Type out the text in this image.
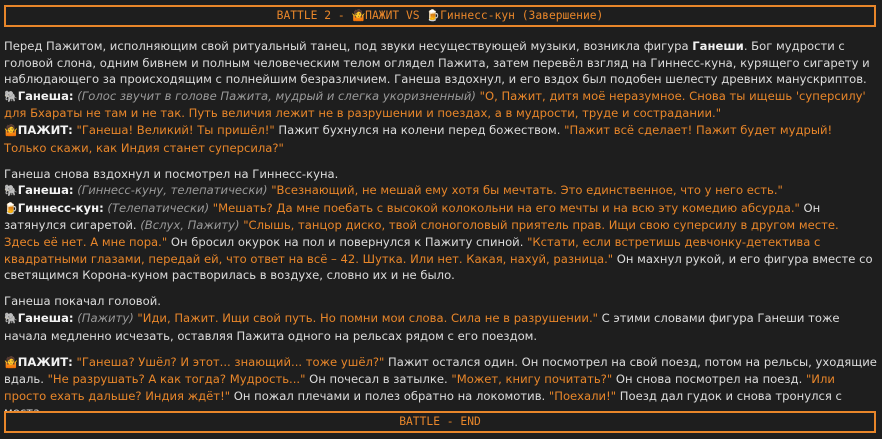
BATTLE 2 - 🤷ПАЖИТ VS 🍺Гиннесс-кун (Завершение)

Перед Пажитом, исполняющим свой ритуальный танец, под звуки несуществующей музыки, возникла фигура Ганеши. Бог мудрости с головой слона, одним бивнем и полным человеческим телом оглядел Пажита, затем перевёл взгляд на Гиннесс-куна, курящего сигарету и наблюдающего за происходящим с полнейшим безразличием. Ганеша вздохнул, и его вздох был подобен шелесту древних манускриптов.

🐘Ганеша: (Голос звучит в голове Пажита, мудрый и слегка укоризненный) "О, Пажит, дитя моё неразумное. Снова ты ищешь 'суперсилу' для Бхараты не там и не так. Путь величия лежит не в разрушении и поездах, а в мудрости, труде и сострадании."

🤷ПАЖИТ: "Ганеша! Великий! Ты пришёл!" Пажит бухнулся на колени перед божеством. "Пажит всё сделает! Пажит будет мудрый! Только скажи, как Индия станет суперсила?"

Ганеша снова вздохнул и посмотрел на Гиннесс-куна.

🐘Ганеша: (Гиннесс-куну, телепатически) "Всезнающий, не мешай ему хотя бы мечтать. Это единственное, что у него есть."

🍺Гиннесс-кун: (Телепатически) "Мешать? Да мне поебать с высокой колокольни на его мечты и на всю эту комедию абсурда." Он затянулся сигаретой. (Вслух, Пажиту) "Слышь, танцор диско, твой слоноголовый приятель прав. Ищи свою суперсилу в другом месте. Здесь её нет. А мне пора." Он бросил окурок на пол и повернулся к Пажиту спиной. "Кстати, если встретишь девчонку-детектива с квадратными глазами, передай ей, что ответ на всё – 42. Шутка. Или нет. Какая, нахуй, разница." Он махнул рукой, и его фигура вместе со светящимся Корона-куном растворилась в воздухе, словно их и не было.

Ганеша покачал головой.

🐘Ганеша: (Пажиту) "Иди, Пажит. Ищи свой путь. Но помни мои слова. Сила не в разрушении." С этими словами фигура Ганеши тоже начала медленно исчезать, оставляя Пажита одного на рельсах рядом с его поездом.

🤷ПАЖИТ: "Ганеша? Ушёл? И этот... знающий... тоже ушёл?" Пажит остался один. Он посмотрел на свой поезд, потом на рельсы, уходящие вдаль. "Не разрушать? А как тогда? Мудрость..." Он почесал в затылке. "Может, книгу почитать?" Он снова посмотрел на поезд. "Или просто ехать дальше? Индия ждёт!" Он пожал плечами и полез обратно на локомотив. "Поехали!" Поезд дал гудок и снова тронулся с

BATTLE - END
